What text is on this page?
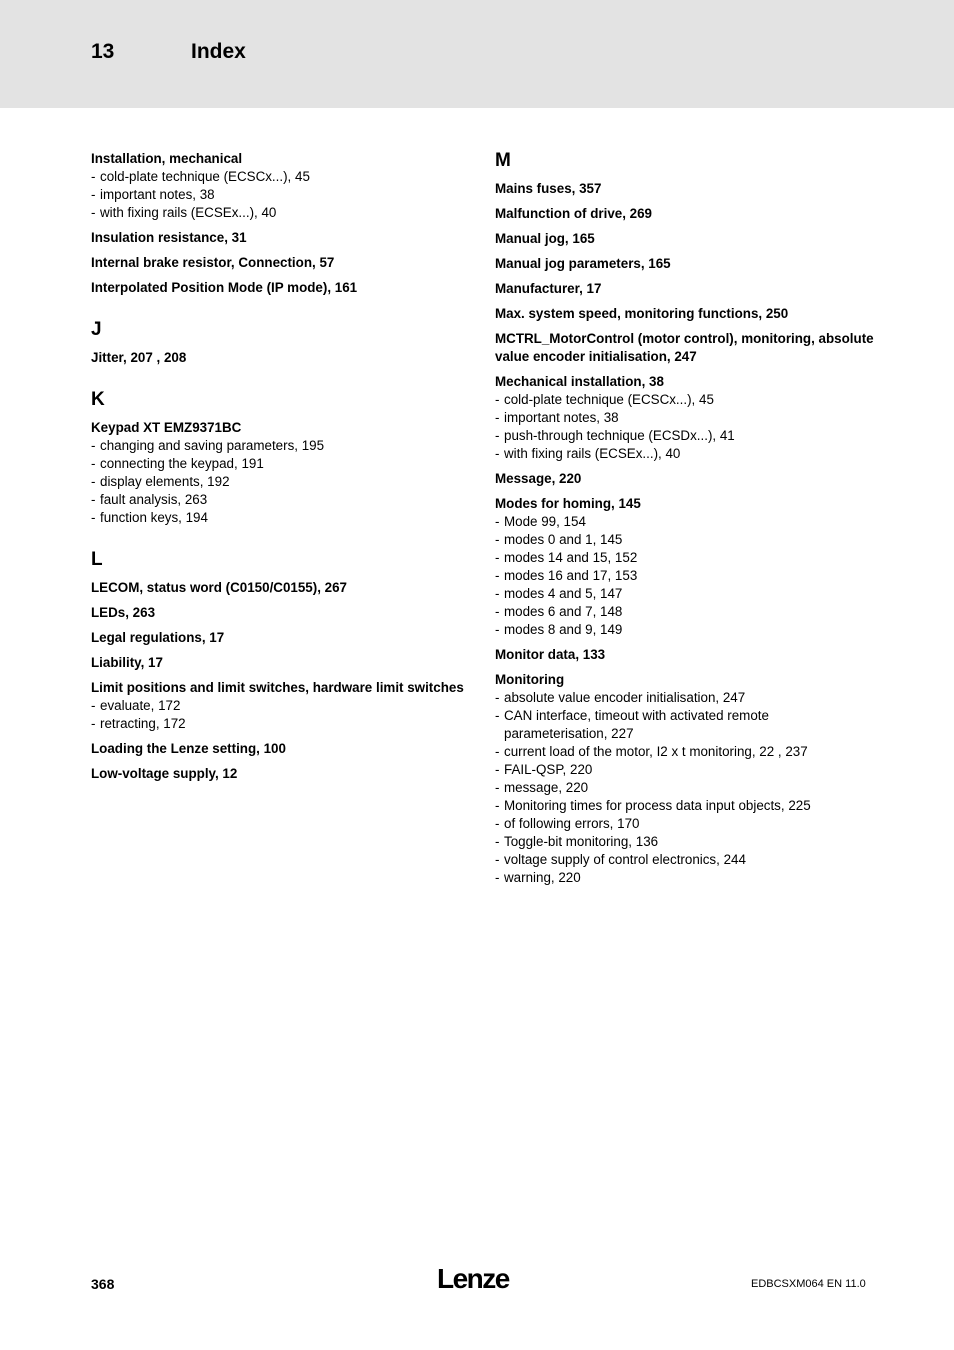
13	Index
Installation, mechanical
- cold-plate technique (ECSCx...), 45
- important notes, 38
- with fixing rails (ECSEx...), 40
Insulation resistance, 31
Internal brake resistor, Connection, 57
Interpolated Position Mode (IP mode), 161
J
Jitter, 207 , 208
K
Keypad XT EMZ9371BC
- changing and saving parameters, 195
- connecting the keypad, 191
- display elements, 192
- fault analysis, 263
- function keys, 194
L
LECOM, status word (C0150/C0155), 267
LEDs, 263
Legal regulations, 17
Liability, 17
Limit positions and limit switches, hardware limit switches
- evaluate, 172
- retracting, 172
Loading the Lenze setting, 100
Low-voltage supply, 12
M
Mains fuses, 357
Malfunction of drive, 269
Manual jog, 165
Manual jog parameters, 165
Manufacturer, 17
Max. system speed, monitoring functions, 250
MCTRL_MotorControl (motor control), monitoring, absolute value encoder initialisation, 247
Mechanical installation, 38
- cold-plate technique (ECSCx...), 45
- important notes, 38
- push-through technique (ECSDx...), 41
- with fixing rails (ECSEx...), 40
Message, 220
Modes for homing, 145
- Mode 99, 154
- modes 0 and 1, 145
- modes 14 and 15, 152
- modes 16 and 17, 153
- modes 4 and 5, 147
- modes 6 and 7, 148
- modes 8 and 9, 149
Monitor data, 133
Monitoring
- absolute value encoder initialisation, 247
- CAN interface, timeout with activated remote parameterisation, 227
- current load of the motor, I2 x t monitoring, 22 , 237
- FAIL-QSP, 220
- message, 220
- Monitoring times for process data input objects, 225
- of following errors, 170
- Toggle-bit monitoring, 136
- voltage supply of control electronics, 244
- warning, 220
368	Lenze	EDBCSXM064 EN 11.0
